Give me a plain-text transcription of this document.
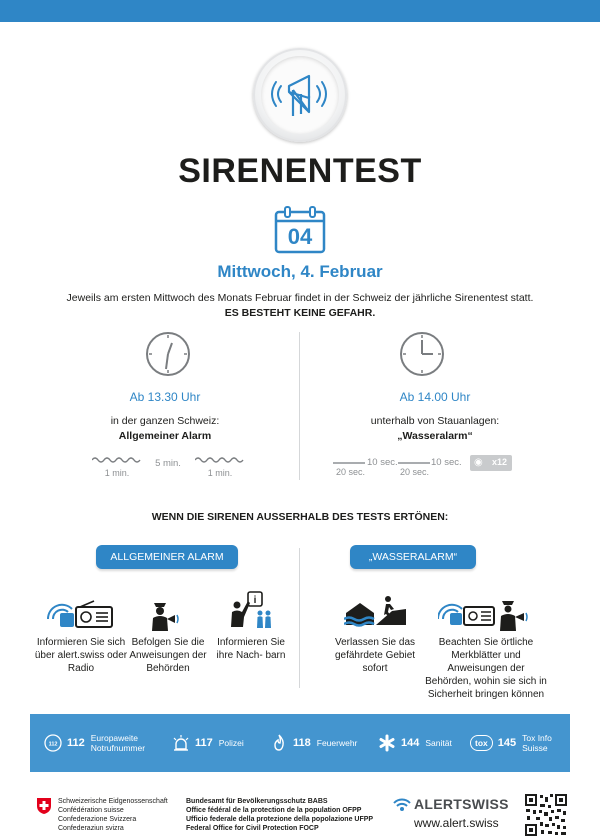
SIRENENTEST
04
Mittwoch, 4. Februar
Jeweils am ersten Mittwoch des Monats Februar findet in der Schweiz der jährliche Sirenentest statt.
ES BESTEHT KEINE GEFAHR.
Ab 13.30 Uhr
in der ganzen Schweiz:
Allgemeiner Alarm
1 min.
5 min.
1 min.
Ab 14.00 Uhr
unterhalb von Stauanlagen:
„Wasseralarm“
20 sec.
10 sec.
20 sec.
10 sec. ◉ x12
WENN DIE SIRENEN AUSSERHALB DES TESTS ERTÖNEN:
ALLGEMEINER ALARM
Informieren Sie sich über alert.swiss oder Radio
Befolgen Sie die Anweisungen der Behörden
i
Informieren Sie ihre Nach- barn
„WASSERALARM“
Verlassen Sie das gefährdete Gebiet sofort
Beachten Sie örtliche Merkblätter und Anweisungen der Behörden, wohin sie sich in Sicherheit bringen können
112 112 Europaweite Notrufnummer	117 Polizei	118 Feuerwehr	144 Sanität	tox 145 Tox Info Suisse
Schweizerische Eidgenossenschaft
Confédération suisse
Confederazione Svizzera
Confederaziun svizra
Bundesamt für Bevölkerungsschutz BABS
Office fédéral de la protection de la population OFPP
Ufficio federale della protezione della popolazione UFPP
Federal Office for Civil Protection FOCP
ALERTSWISS
www.alert.swiss
